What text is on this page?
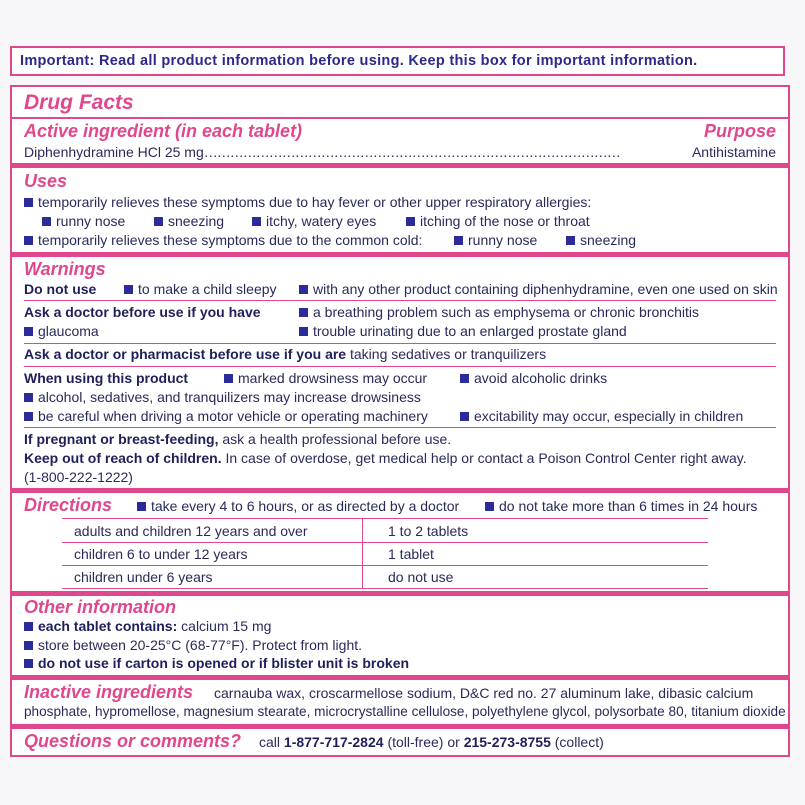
Important: Read all product information before using. Keep this box for important information.
Drug Facts
Active ingredient (in each tablet)	Purpose
Diphenhydramine HCl 25 mg……………………………………………………………………………………	Antihistamine
Uses
temporarily relieves these symptoms due to hay fever or other upper respiratory allergies:
runny nose	sneezing	itchy, watery eyes	itching of the nose or throat
temporarily relieves these symptoms due to the common cold:	runny nose	sneezing
Warnings
Do not use	to make a child sleepy	with any other product containing diphenhydramine, even one used on skin
Ask a doctor before use if you have	a breathing problem such as emphysema or chronic bronchitis
glaucoma	trouble urinating due to an enlarged prostate gland
Ask a doctor or pharmacist before use if you are taking sedatives or tranquilizers
When using this product	marked drowsiness may occur	avoid alcoholic drinks
alcohol, sedatives, and tranquilizers may increase drowsiness
be careful when driving a motor vehicle or operating machinery	excitability may occur, especially in children
If pregnant or breast-feeding, ask a health professional before use.
Keep out of reach of children. In case of overdose, get medical help or contact a Poison Control Center right away.
(1-800-222-1222)
Directions	take every 4 to 6 hours, or as directed by a doctor	do not take more than 6 times in 24 hours
adults and children 12 years and over	1 to 2 tablets
children 6 to under 12 years	1 tablet
children under 6 years	do not use
Other information
each tablet contains: calcium 15 mg
store between 20-25°C (68-77°F). Protect from light.
do not use if carton is opened or if blister unit is broken
Inactive ingredients carnauba wax, croscarmellose sodium, D&C red no. 27 aluminum lake, dibasic calcium
phosphate, hypromellose, magnesium stearate, microcrystalline cellulose, polyethylene glycol, polysorbate 80, titanium dioxide
Questions or comments? call 1-877-717-2824 (toll-free) or 215-273-8755 (collect)
